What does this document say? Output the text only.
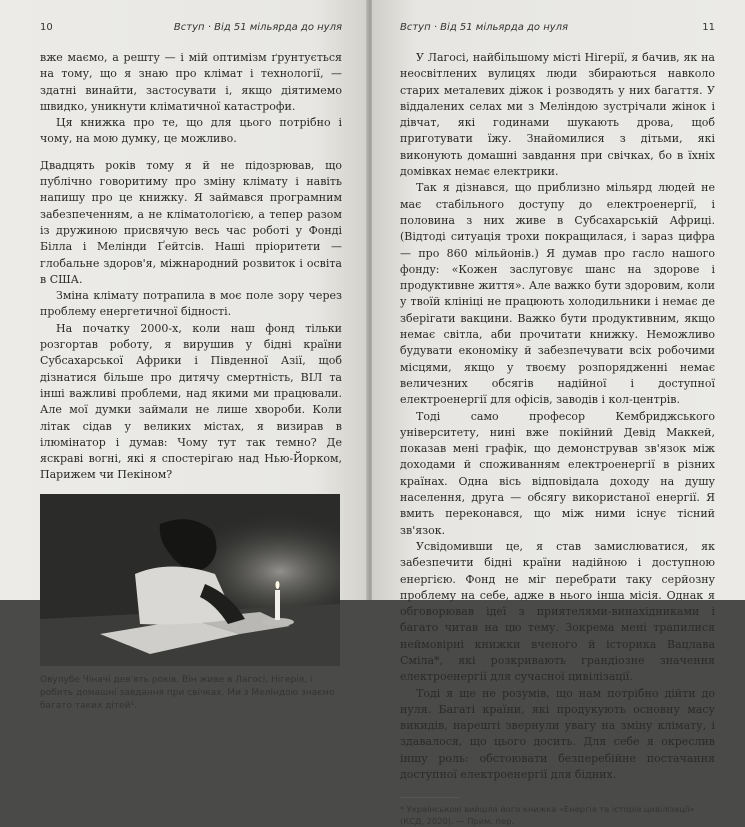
10	Вступ · Від 51 мільярда до нуля

вже маємо, а решту — і мій оптимізм ґрунтується на тому, що я знаю про клімат і технології, — здатні винайти, застосувати і, якщо діятимемо швидко, уникнути кліматичної катастрофи.

Ця книжка про те, що для цього потрібно і чому, на мою думку, це можливо.

Двадцять років тому я й не підозрював, що публічно говоритиму про зміну клімату і навіть напишу про це книжку. Я займався програмним забезпеченням, а не кліматологією, а тепер разом із дружиною присвячую весь час роботі у Фонді Білла і Мелінди Ґейтсів. Наші пріоритети — глобальне здоров'я, міжнародний розвиток і освіта в США.

Зміна клімату потрапила в моє поле зору через проблему енергетичної бідності.

На початку 2000-х, коли наш фонд тільки розгортав роботу, я вирушив у бідні країни Субсахарської Африки і Південної Азії, щоб дізнатися більше про дитячу смертність, ВІЛ та інші важливі проблеми, над якими ми працювали. Але мої думки займали не лише хвороби. Коли літак сідав у великих містах, я визирав в ілюмінатор і думав: Чому тут так темно? Де яскраві вогні, які я спостерігаю над Нью-Йорком, Парижем чи Пекіном?

Овулубе Чіначі дев'ять років. Він живе в Лагосі, Нігерія, і робить домашні завдання при свічках. Ми з Меліндою знаємо багато таких дітей¹.
Вступ · Від 51 мільярда до нуля	11

У Лагосі, найбільшому місті Нігерії, я бачив, як на неосвітлених вулицях люди збираються навколо старих металевих діжок і розводять у них багаття. У віддалених селах ми з Меліндою зустрічали жінок і дівчат, які годинами шукають дрова, щоб приготувати їжу. Знайомилися з дітьми, які виконують домашні завдання при свічках, бо в їхніх домівках немає електрики.

Так я дізнався, що приблизно мільярд людей не має стабільного доступу до електроенергії, і половина з них живе в Субсахарській Африці. (Відтоді ситуація трохи покращилася, і зараз цифра — про 860 мільйонів.) Я думав про гасло нашого фонду: «Кожен заслуговує шанс на здорове і продуктивне життя». Але важко бути здоровим, коли у твоїй клініці не працюють холодильники і немає де зберігати вакцини. Важко бути продуктивним, якщо немає світла, аби прочитати книжку. Неможливо будувати економіку й забезпечувати всіх робочими місцями, якщо у твоєму розпорядженні немає величезних обсягів надійної і доступної електроенергії для офісів, заводів і кол-центрів.

Тоді само професор Кембриджського університету, нині вже покійний Девід Маккей, показав мені графік, що демонстрував зв'язок між доходами й споживанням електроенергії в різних країнах. Одна вісь відповідала доходу на душу населення, друга — обсягу використаної енергії. Я вмить переконався, що між ними існує тісний зв'язок.

Усвідомивши це, я став замислюватися, як забезпечити бідні країни надійною і доступною енергією. Фонд не міг перебрати таку серйозну проблему на себе, адже в нього інша місія. Однак я обговорював ідеї з приятелями-винахідниками і багато читав на цю тему. Зокрема мені трапилися неймовірні книжки вченого й історика Вацлава Сміла*, які розкривають грандіозне значення електроенергії для сучасної цивілізації.

Тоді я ще не розумів, що нам потрібно дійти до нуля. Багаті країни, які продукують основну масу викидів, нарешті звернули увагу на зміну клімату, і здавалося, що цього досить. Для себе я окреслив іншу роль: обстоювати безперебійне постачання доступної електроенергії для бідних.

* Українською вийшла його книжка «Енергія та історія цивілізації» (КСД, 2020). — Прим. пер.
